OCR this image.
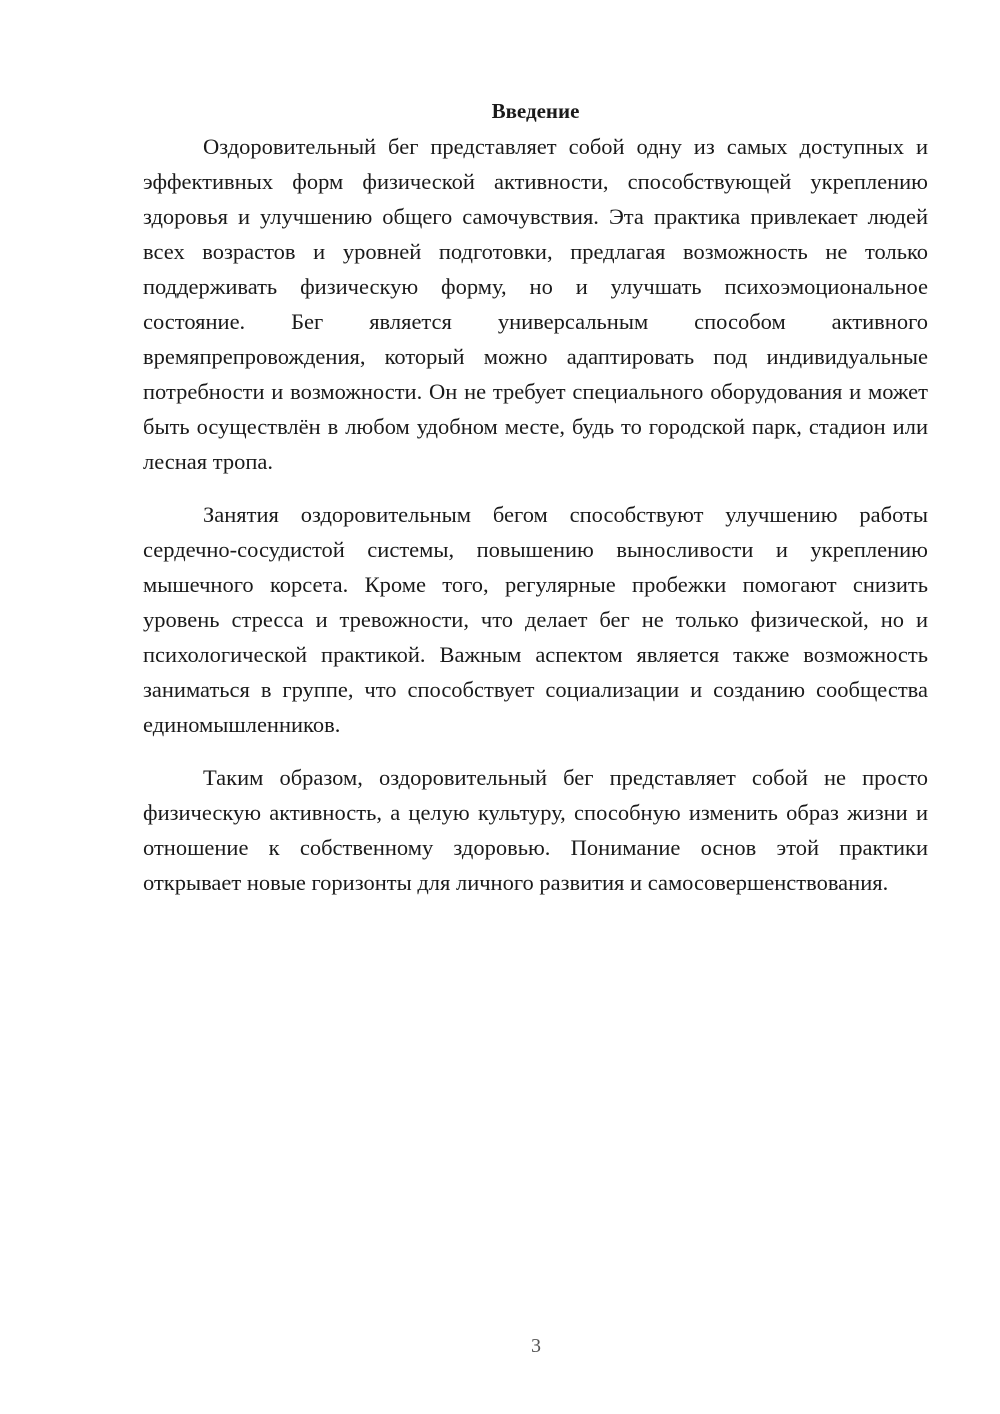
Введение

Оздоровительный бег представляет собой одну из самых доступных и эффективных форм физической активности, способствующей укреплению здоровья и улучшению общего самочувствия. Эта практика привлекает людей всех возрастов и уровней подготовки, предлагая возможность не только поддерживать физическую форму, но и улучшать психоэмоциональное состояние. Бег является универсальным способом активного времяпрепровождения, который можно адаптировать под индивидуальные потребности и возможности. Он не требует специального оборудования и может быть осуществлён в любом удобном месте, будь то городской парк, стадион или лесная тропа.

Занятия оздоровительным бегом способствуют улучшению работы сердечно-сосудистой системы, повышению выносливости и укреплению мышечного корсета. Кроме того, регулярные пробежки помогают снизить уровень стресса и тревожности, что делает бег не только физической, но и психологической практикой. Важным аспектом является также возможность заниматься в группе, что способствует социализации и созданию сообщества единомышленников.

Таким образом, оздоровительный бег представляет собой не просто физическую активность, а целую культуру, способную изменить образ жизни и отношение к собственному здоровью. Понимание основ этой практики открывает новые горизонты для личного развития и самосовершенствования.

3
